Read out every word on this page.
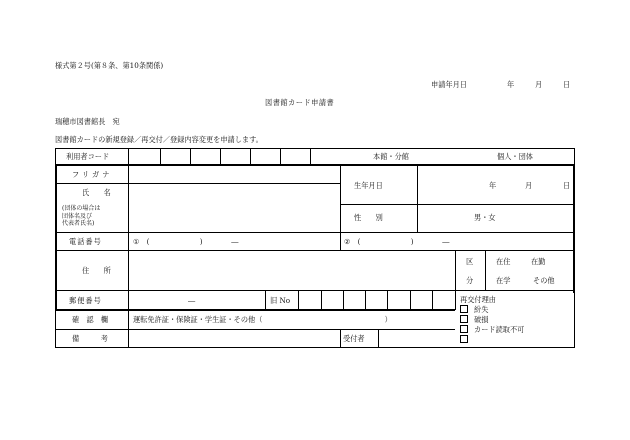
様式第２号(第８条、第10条関係)
申請年月日	年	月	日
図書館カード申請書
瑞穂市図書館長　宛
図書館カードの新規登録／再交付／登録内容変更を申請します。
利用者コード	本館・分館	個人・団体
フリガナ
氏　　名
(団体の場合は
団体名及び
代表者氏名)
生年月日	年	月	日
性　　別	男・女
電話番号	①　(　　　　　　　)　　　　―	②　(　　　　　　　)　　　　―
住　　所
区
分
在住	在勤
在学	その他
郵便番号	―	旧 No
確　認　欄	運転免許証・保険証・学生証・その他（　　　　　　　　　　　　　　　　　）
備　　　考	受付者
再交付理由
紛失
破損
カード読取不可
